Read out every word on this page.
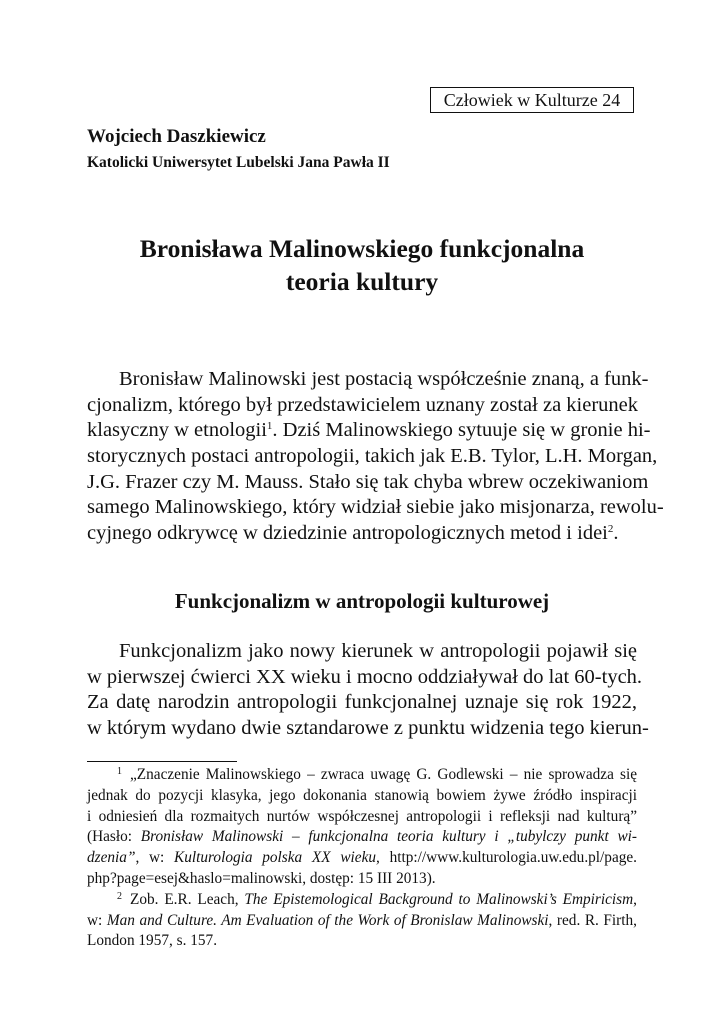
Człowiek w Kulturze 24
Wojciech Daszkiewicz
Katolicki Uniwersytet Lubelski Jana Pawła II
Bronisława Malinowskiego funkcjonalna
teoria kultury
Bronisław Malinowski jest postacią współcześnie znaną, a funk-
cjonalizm, którego był przedstawicielem uznany został za kierunek
klasyczny w etnologii$^1$. Dziś Malinowskiego sytuuje się w gronie hi-
storycznych postaci antropologii, takich jak E.B. Tylor, L.H. Morgan,
J.G. Frazer czy M. Mauss. Stało się tak chyba wbrew oczekiwaniom
samego Malinowskiego, który widział siebie jako misjonarza, rewolu-
cyjnego odkrywcę w dziedzinie antropologicznych metod i idei$^2$.
Funkcjonalizm w antropologii kulturowej
Funkcjonalizm jako nowy kierunek w antropologii pojawił się
w pierwszej ćwierci XX wieku i mocno oddziaływał do lat 60-tych.
Za datę narodzin antropologii funkcjonalnej uznaje się rok 1922,
w którym wydano dwie sztandarowe z punktu widzenia tego kierun-
$^1$ „Znaczenie Malinowskiego – zwraca uwagę G. Godlewski – nie sprowadza się
jednak do pozycji klasyka, jego dokonania stanowią bowiem żywe źródło inspiracji
i odniesień dla rozmaitych nurtów współczesnej antropologii i refleksji nad kulturą”
(Hasło: Bronisław Malinowski – funkcjonalna teoria kultury i „tubylczy punkt wi-
dzenia”, w: Kulturologia polska XX wieku, http://www.kulturologia.uw.edu.pl/page.
php?page=esej&haslo=malinowski, dostęp: 15 III 2013).
$^2$ Zob. E.R. Leach, The Epistemological Background to Malinowski’s Empiricism,
w: Man and Culture. Am Evaluation of the Work of Bronislaw Malinowski, red. R. Firth,
London 1957, s. 157.
